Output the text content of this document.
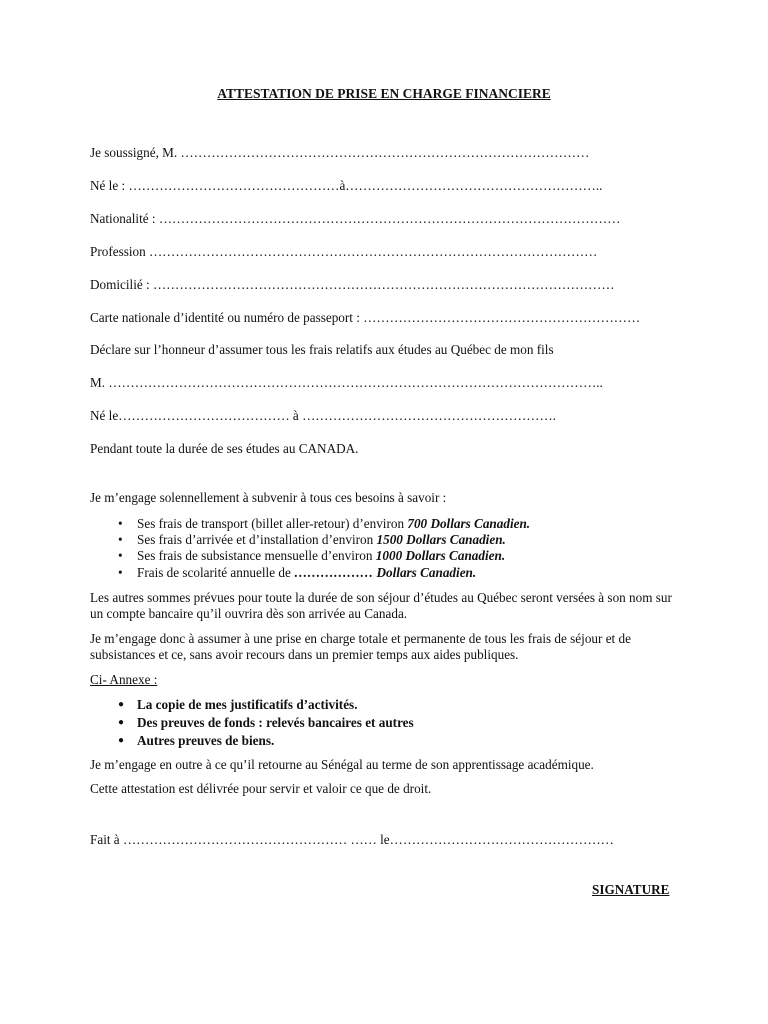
ATTESTATION DE PRISE EN CHARGE FINANCIERE
Je soussigné, M. …………………………………………………………………………………
Né le : …………………………………………à…………………………………………………..
Nationalité : ……………………………………………………………………………………………
Profession …………………………………………………………………………………………
Domicilié : ……………………………………………………………………………………………
Carte nationale d’identité ou numéro de passeport : ………………………………………………………
Déclare sur l’honneur d’assumer tous les frais relatifs aux études au Québec de mon fils
M. …………………………………………………………………………………………………..
Né le………………………………… à ………………………………………………….
Pendant toute la durée de ses études au CANADA.
Je m’engage solennellement à subvenir à tous ces besoins à savoir :
• Ses frais de transport (billet aller-retour) d’environ 700 Dollars Canadien.
• Ses frais d’arrivée et d’installation d’environ 1500 Dollars Canadien.
• Ses frais de subsistance mensuelle d’environ 1000 Dollars Canadien.
• Frais de scolarité annuelle de ……………… Dollars Canadien.
Les autres sommes prévues pour toute la durée de son séjour d’études au Québec seront versées à son nom sur un compte bancaire qu’il ouvrira dès son arrivée au Canada.
Je m’engage donc à assumer à une prise en charge totale et permanente de tous les frais de séjour et de subsistances et ce, sans avoir recours dans un premier temps aux aides publiques.
Ci- Annexe :
● La copie de mes justificatifs d’activités.
● Des preuves de fonds : relevés bancaires et autres
● Autres preuves de biens.
Je m’engage en outre à ce qu’il retourne au Sénégal au terme de son apprentissage académique.
Cette attestation est délivrée pour servir et valoir ce que de droit.
Fait à …………………………………………… …… le……………………………………………
SIGNATURE
